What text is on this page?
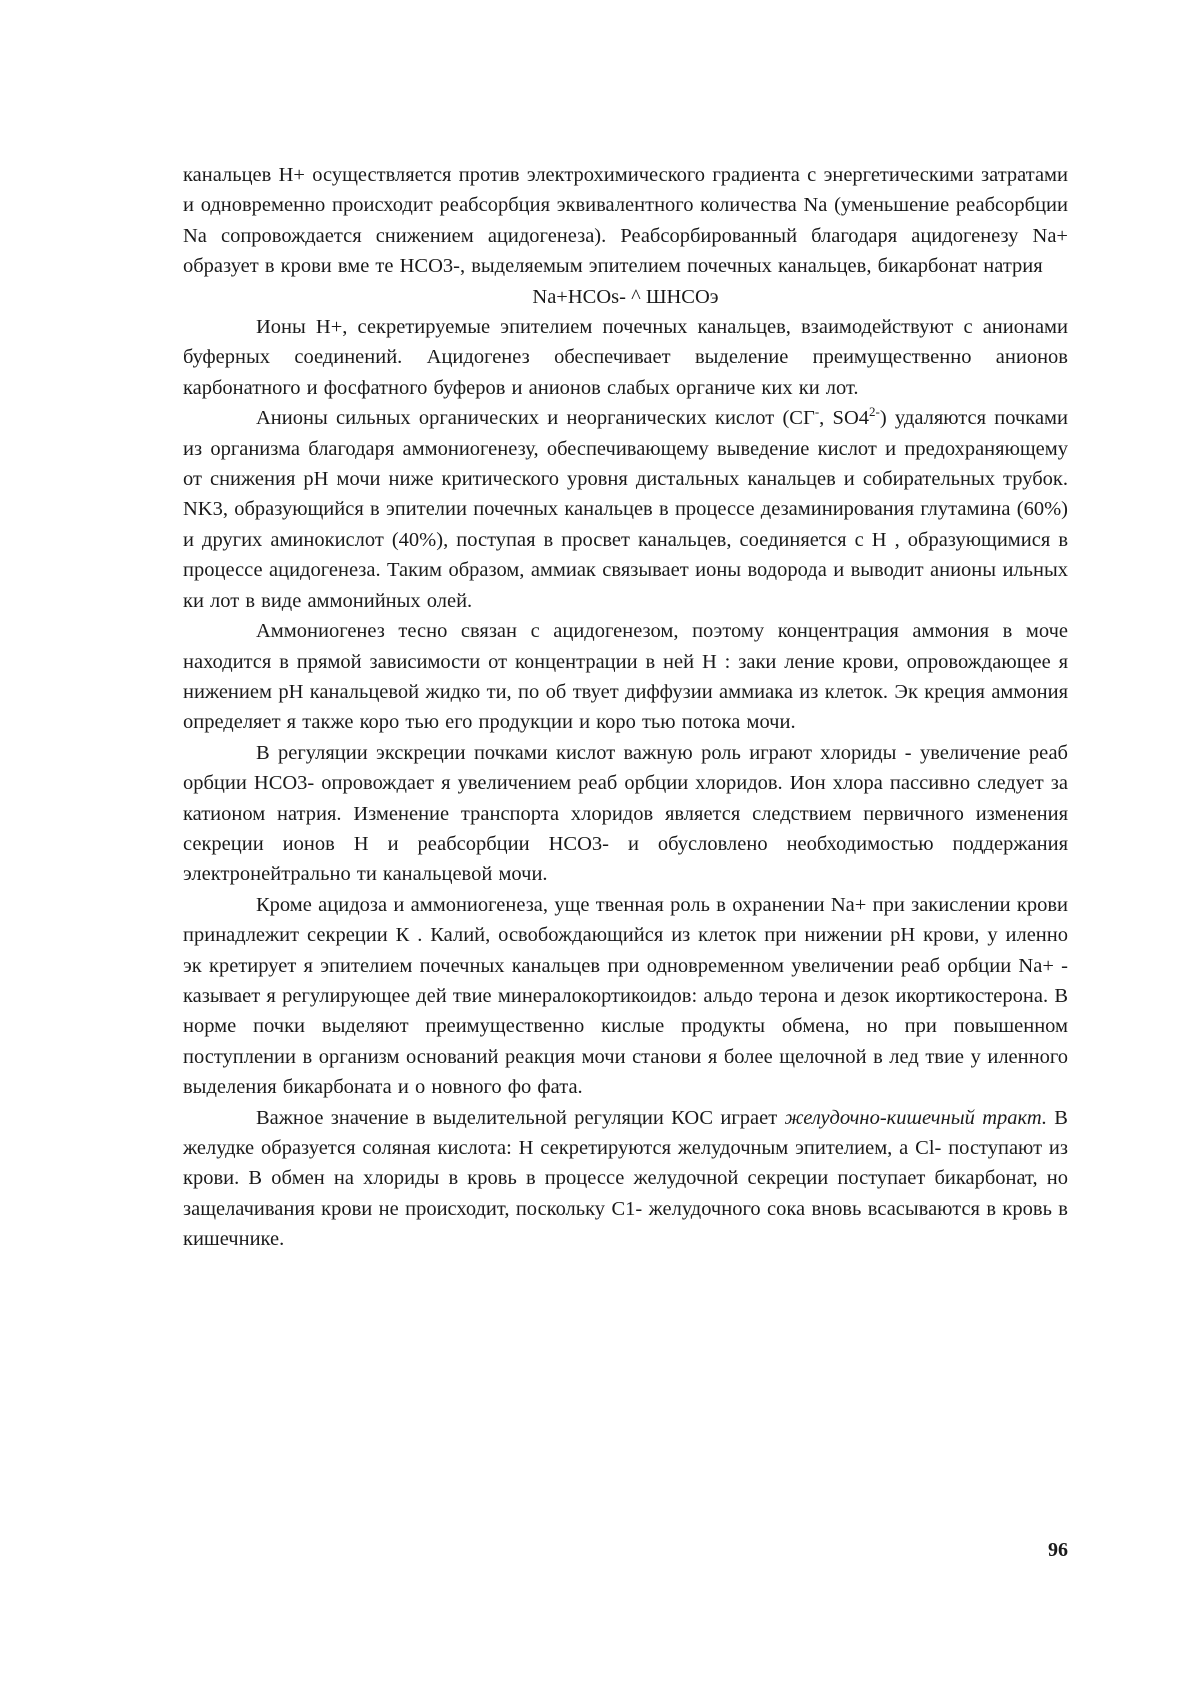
канальцев Н+ осуществляется против электрохимического градиента с энергетическими затратами и одновременно происходит реабсорбция эквивалентного количества Na (уменьшение реабсорбции Na сопровождается снижением ацидогенеза). Реабсорбированный благодаря ацидогенезу Na+ образует в крови вме те HCO3-, выделяемым эпителием почечных канальцев, бикарбонат натрия

Na+HCOs- ^ ШНСОэ

Ионы Н+, секретируемые эпителием почечных канальцев, взаимодействуют с анионами буферных соединений. Ацидогенез обеспечивает выделение преимущественно анионов карбонатного и фосфатного буферов и анионов слабых органиче ких ки лот.

Анионы сильных органических и неорганических кислот (СГ-, $SO4^{2-}$) удаляются почками из организма благодаря аммониогенезу, обеспечивающему выведение кислот и предохраняющему от снижения pH мочи ниже критического уровня дистальных канальцев и собирательных трубок. NK3, образующийся в эпителии почечных канальцев в процессе дезаминирования глутамина (60%) и других аминокислот (40%), поступая в просвет канальцев, соединяется с Н , образующимися в процессе ацидогенеза. Таким образом, аммиак связывает ионы водорода и выводит анионы ильных ки лот в виде аммонийных олей.

Аммониогенез тесно связан с ацидогенезом, поэтому концентрация аммония в моче находится в прямой зависимости от концентрации в ней Н : заки ление крови, опровождающее я нижением pH канальцевой жидко ти, по об твует диффузии аммиака из клеток. Эк креция аммония определяет я также коро тью его продукции и коро тью потока мочи.

В регуляции экскреции почками кислот важную роль играют хлориды - увеличение реаб орбции HCO3- опровождает я увеличением реаб орбции хлоридов. Ион хлора пассивно следует за катионом натрия. Изменение транспорта хлоридов является следствием первичного изменения секреции ионов Н и реабсорбции HCO3- и обусловлено необходимостью поддержания электронейтрально ти канальцевой мочи.

Кроме ацидоза и аммониогенеза, уще твенная роль в охранении Na+ при закислении крови принадлежит секреции К . Калий, освобождающийся из клеток при нижении pH крови, у иленно эк кретирует я эпителием почечных канальцев при одновременном увеличении реаб орбции Na+ - казывает я регулирующее дей твие минералокортикоидов: альдо терона и дезок икортикостерона. В норме почки выделяют преимущественно кислые продукты обмена, но при повышенном поступлении в организм оснований реакция мочи станови я более щелочной в лед твие у иленного выделения бикарбоната и о новного фо фата.

Важное значение в выделительной регуляции КОС играет желудочно-кишечный тракт. В желудке образуется соляная кислота: Н секретируются желудочным эпителием, а Cl- поступают из крови. В обмен на хлориды в кровь в процессе желудочной секреции поступает бикарбонат, но защелачивания крови не происходит, поскольку С1- желудочного сока вновь всасываются в кровь в кишечнике.

96
